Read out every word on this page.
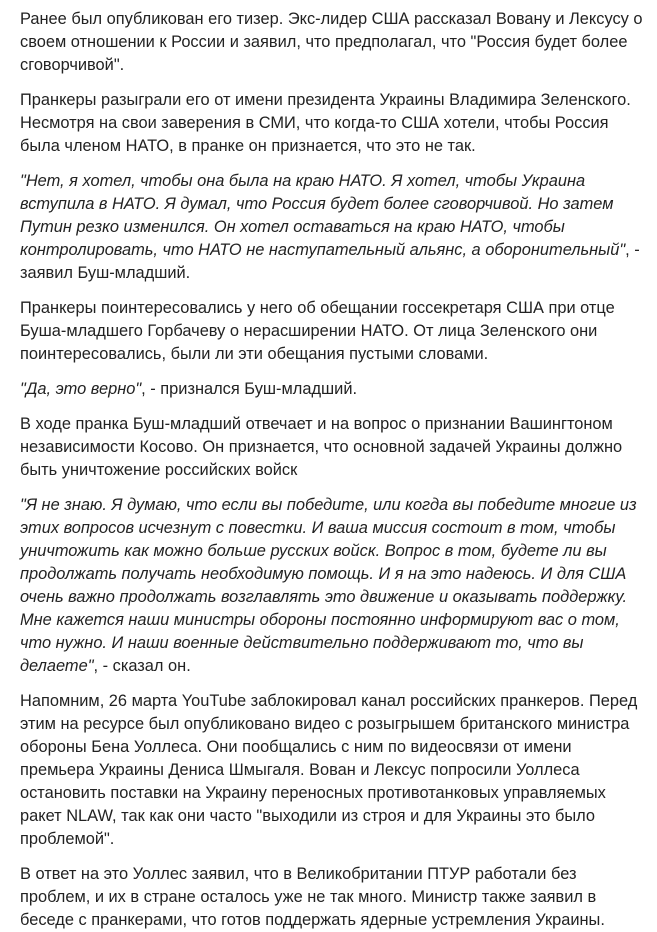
Ранее был опубликован его тизер. Экс-лидер США рассказал Вовану и Лексусу о своем отношении к России и заявил, что предполагал, что "Россия будет более сговорчивой".

Пранкеры разыграли его от имени президента Украины Владимира Зеленского. Несмотря на свои заверения в СМИ, что когда-то США хотели, чтобы Россия была членом НАТО, в пранке он признается, что это не так.

"Нет, я хотел, чтобы она была на краю НАТО. Я хотел, чтобы Украина вступила в НАТО. Я думал, что Россия будет более сговорчивой. Но затем Путин резко изменился. Он хотел оставаться на краю НАТО, чтобы контролировать, что НАТО не наступательный альянс, а оборонительный", - заявил Буш-младший.

Пранкеры поинтересовались у него об обещании госсекретаря США при отце Буша-младшего Горбачеву о нерасширении НАТО. От лица Зеленского они поинтересовались, были ли эти обещания пустыми словами.

"Да, это верно", - признался Буш-младший.

В ходе пранка Буш-младший отвечает и на вопрос о признании Вашингтоном независимости Косово. Он признается, что основной задачей Украины должно быть уничтожение российских войск

"Я не знаю. Я думаю, что если вы победите, или когда вы победите многие из этих вопросов исчезнут с повестки. И ваша миссия состоит в том, чтобы уничтожить как можно больше русских войск. Вопрос в том, будете ли вы продолжать получать необходимую помощь. И я на это надеюсь. И для США очень важно продолжать возглавлять это движение и оказывать поддержку. Мне кажется наши министры обороны постоянно информируют вас о том, что нужно. И наши военные действительно поддерживают то, что вы делаете", - сказал он.

Напомним, 26 марта YouTube заблокировал канал российских пранкеров. Перед этим на ресурсе был опубликовано видео с розыгрышем британского министра обороны Бена Уоллеса. Они пообщались с ним по видеосвязи от имени премьера Украины Дениса Шмыгаля. Вован и Лексус попросили Уоллеса остановить поставки на Украину переносных противотанковых управляемых ракет NLAW, так как они часто "выходили из строя и для Украины это было проблемой".

В ответ на это Уоллес заявил, что в Великобритании ПТУР работали без проблем, и их в стране осталось уже не так много. Министр также заявил в беседе с пранкерами, что готов поддержать ядерные устремления Украины.
